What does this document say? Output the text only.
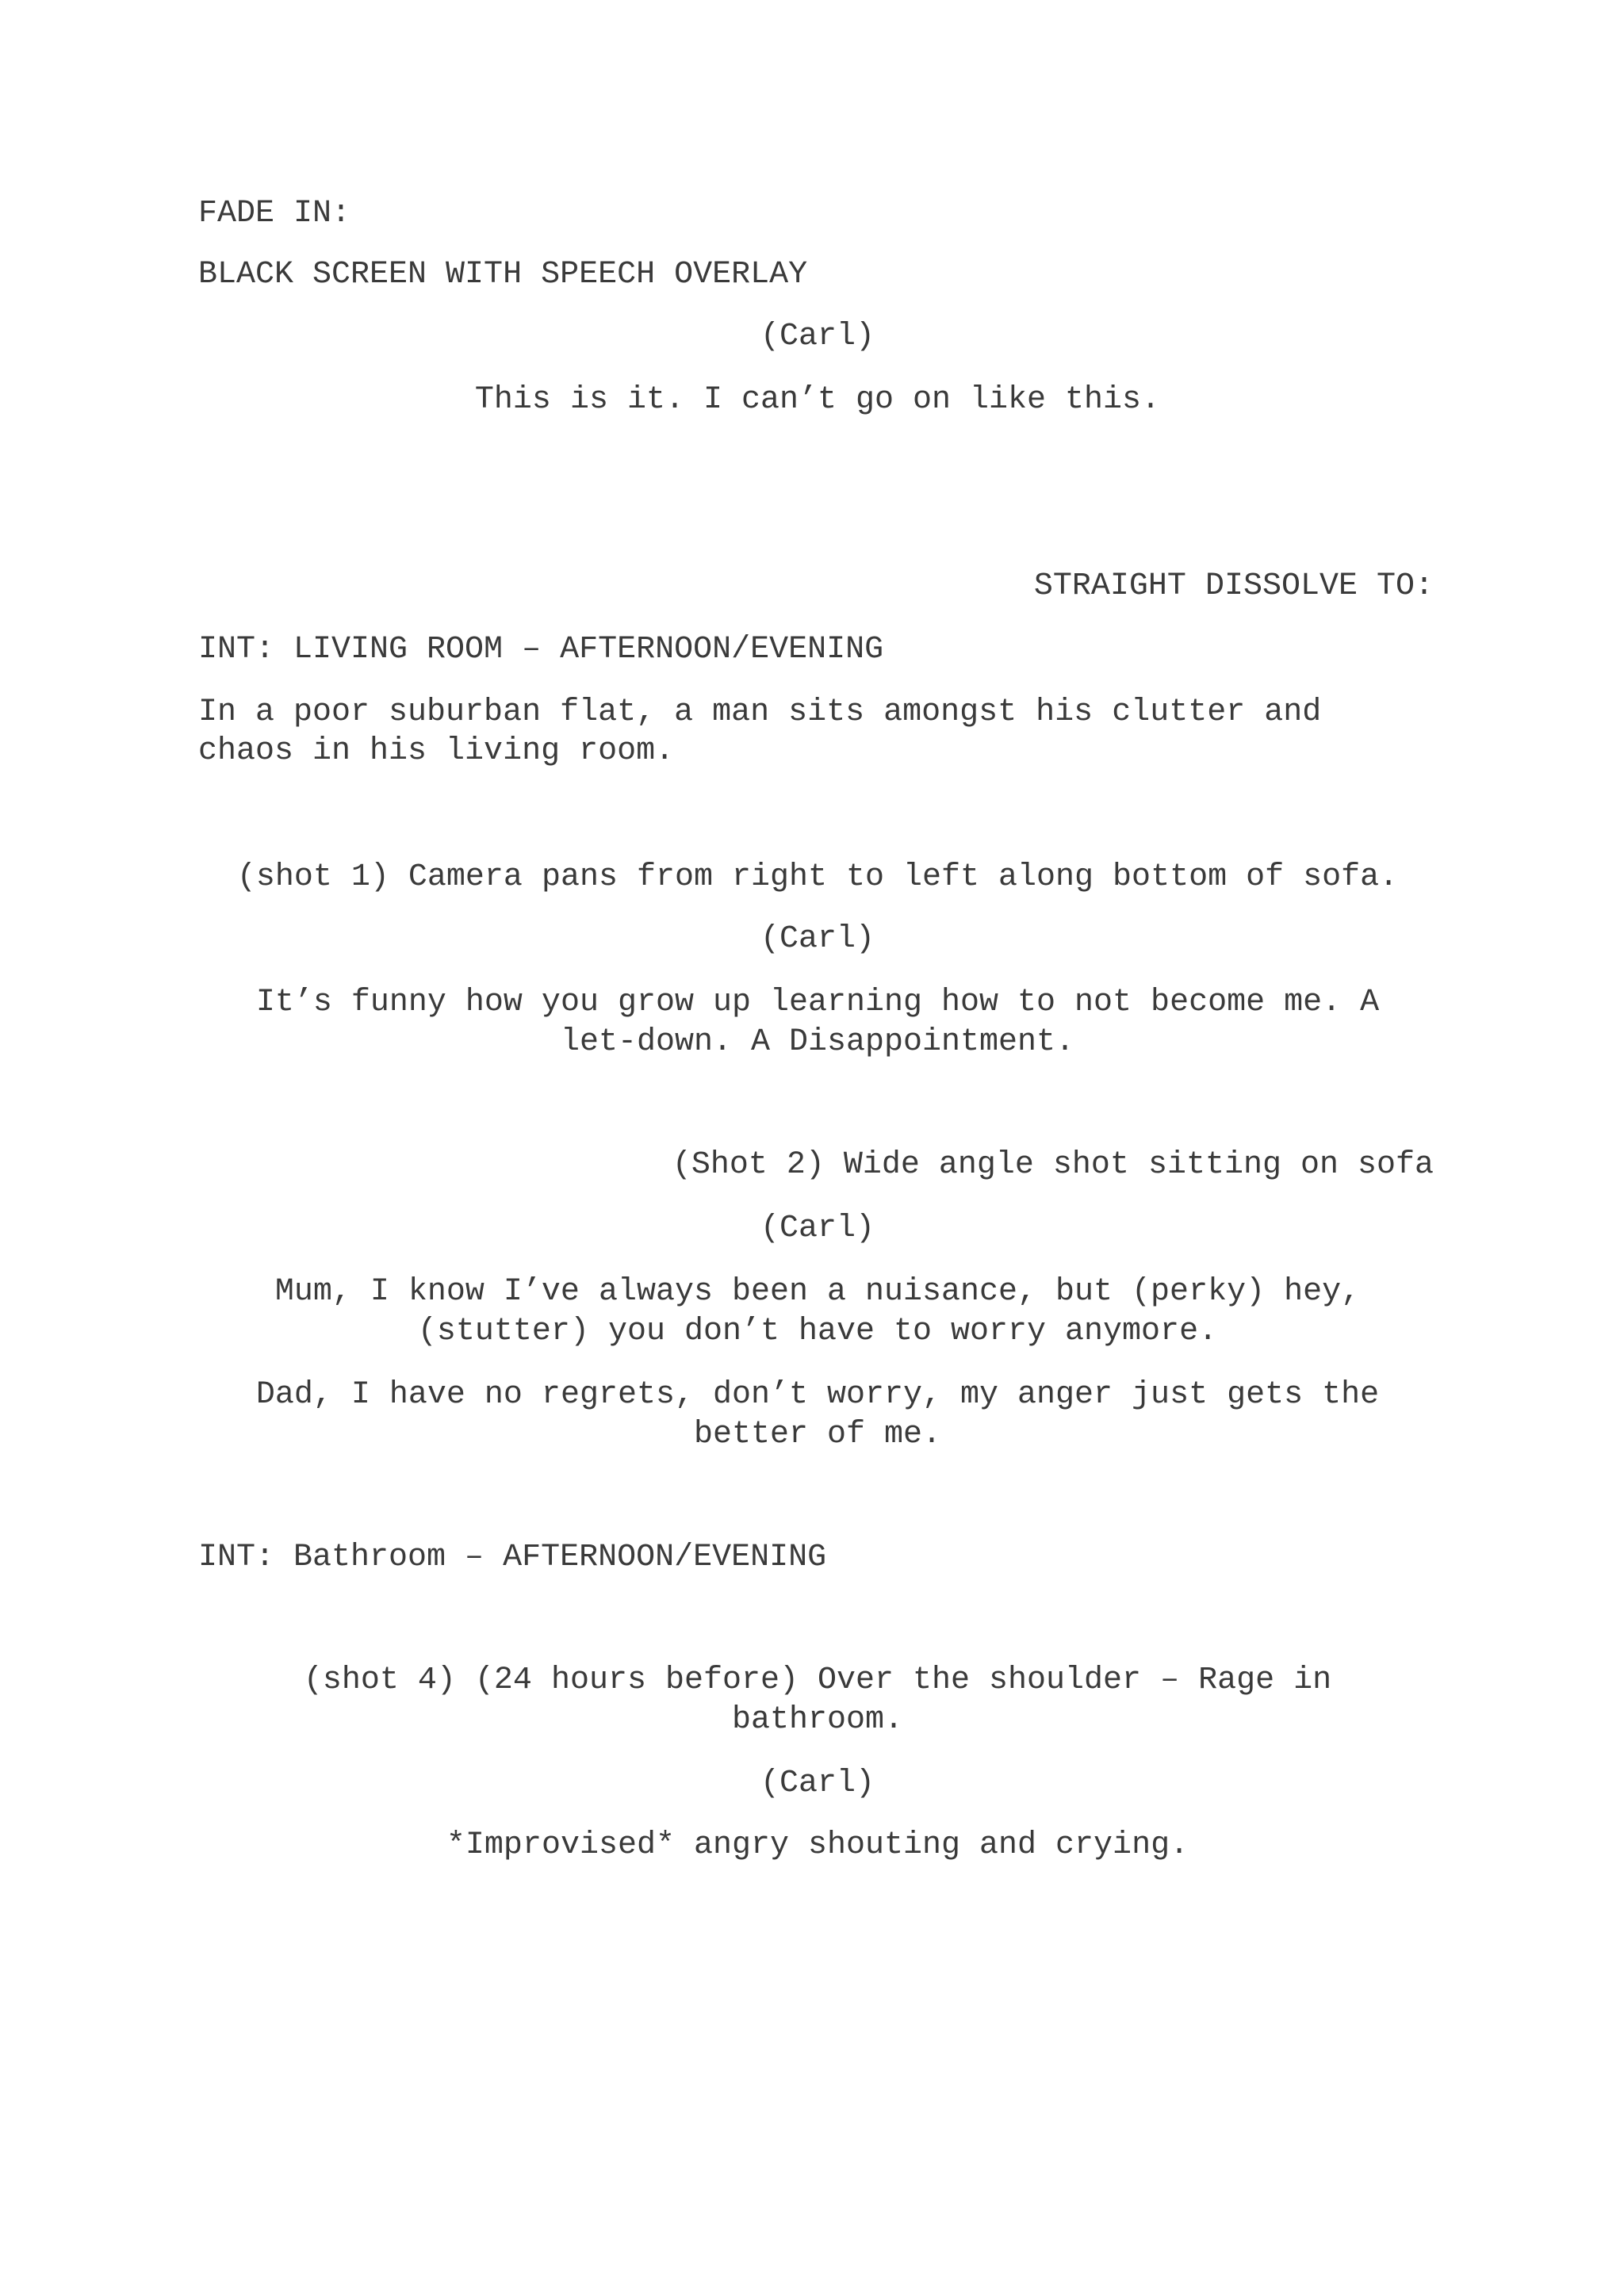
FADE IN:

BLACK SCREEN WITH SPEECH OVERLAY

(Carl)

This is it. I can’t go on like this.

STRAIGHT DISSOLVE TO:

INT: LIVING ROOM – AFTERNOON/EVENING

In a poor suburban flat, a man sits amongst his clutter and

chaos in his living room.

(shot 1) Camera pans from right to left along bottom of sofa.

(Carl)

It’s funny how you grow up learning how to not become me. A

let-down. A Disappointment.

(Shot 2) Wide angle shot sitting on sofa

(Carl)

Mum, I know I’ve always been a nuisance, but (perky) hey,

(stutter) you don’t have to worry anymore.

Dad, I have no regrets, don’t worry, my anger just gets the

better of me.

INT: Bathroom – AFTERNOON/EVENING

(shot 4) (24 hours before) Over the shoulder – Rage in

bathroom.

(Carl)

*Improvised* angry shouting and crying.
